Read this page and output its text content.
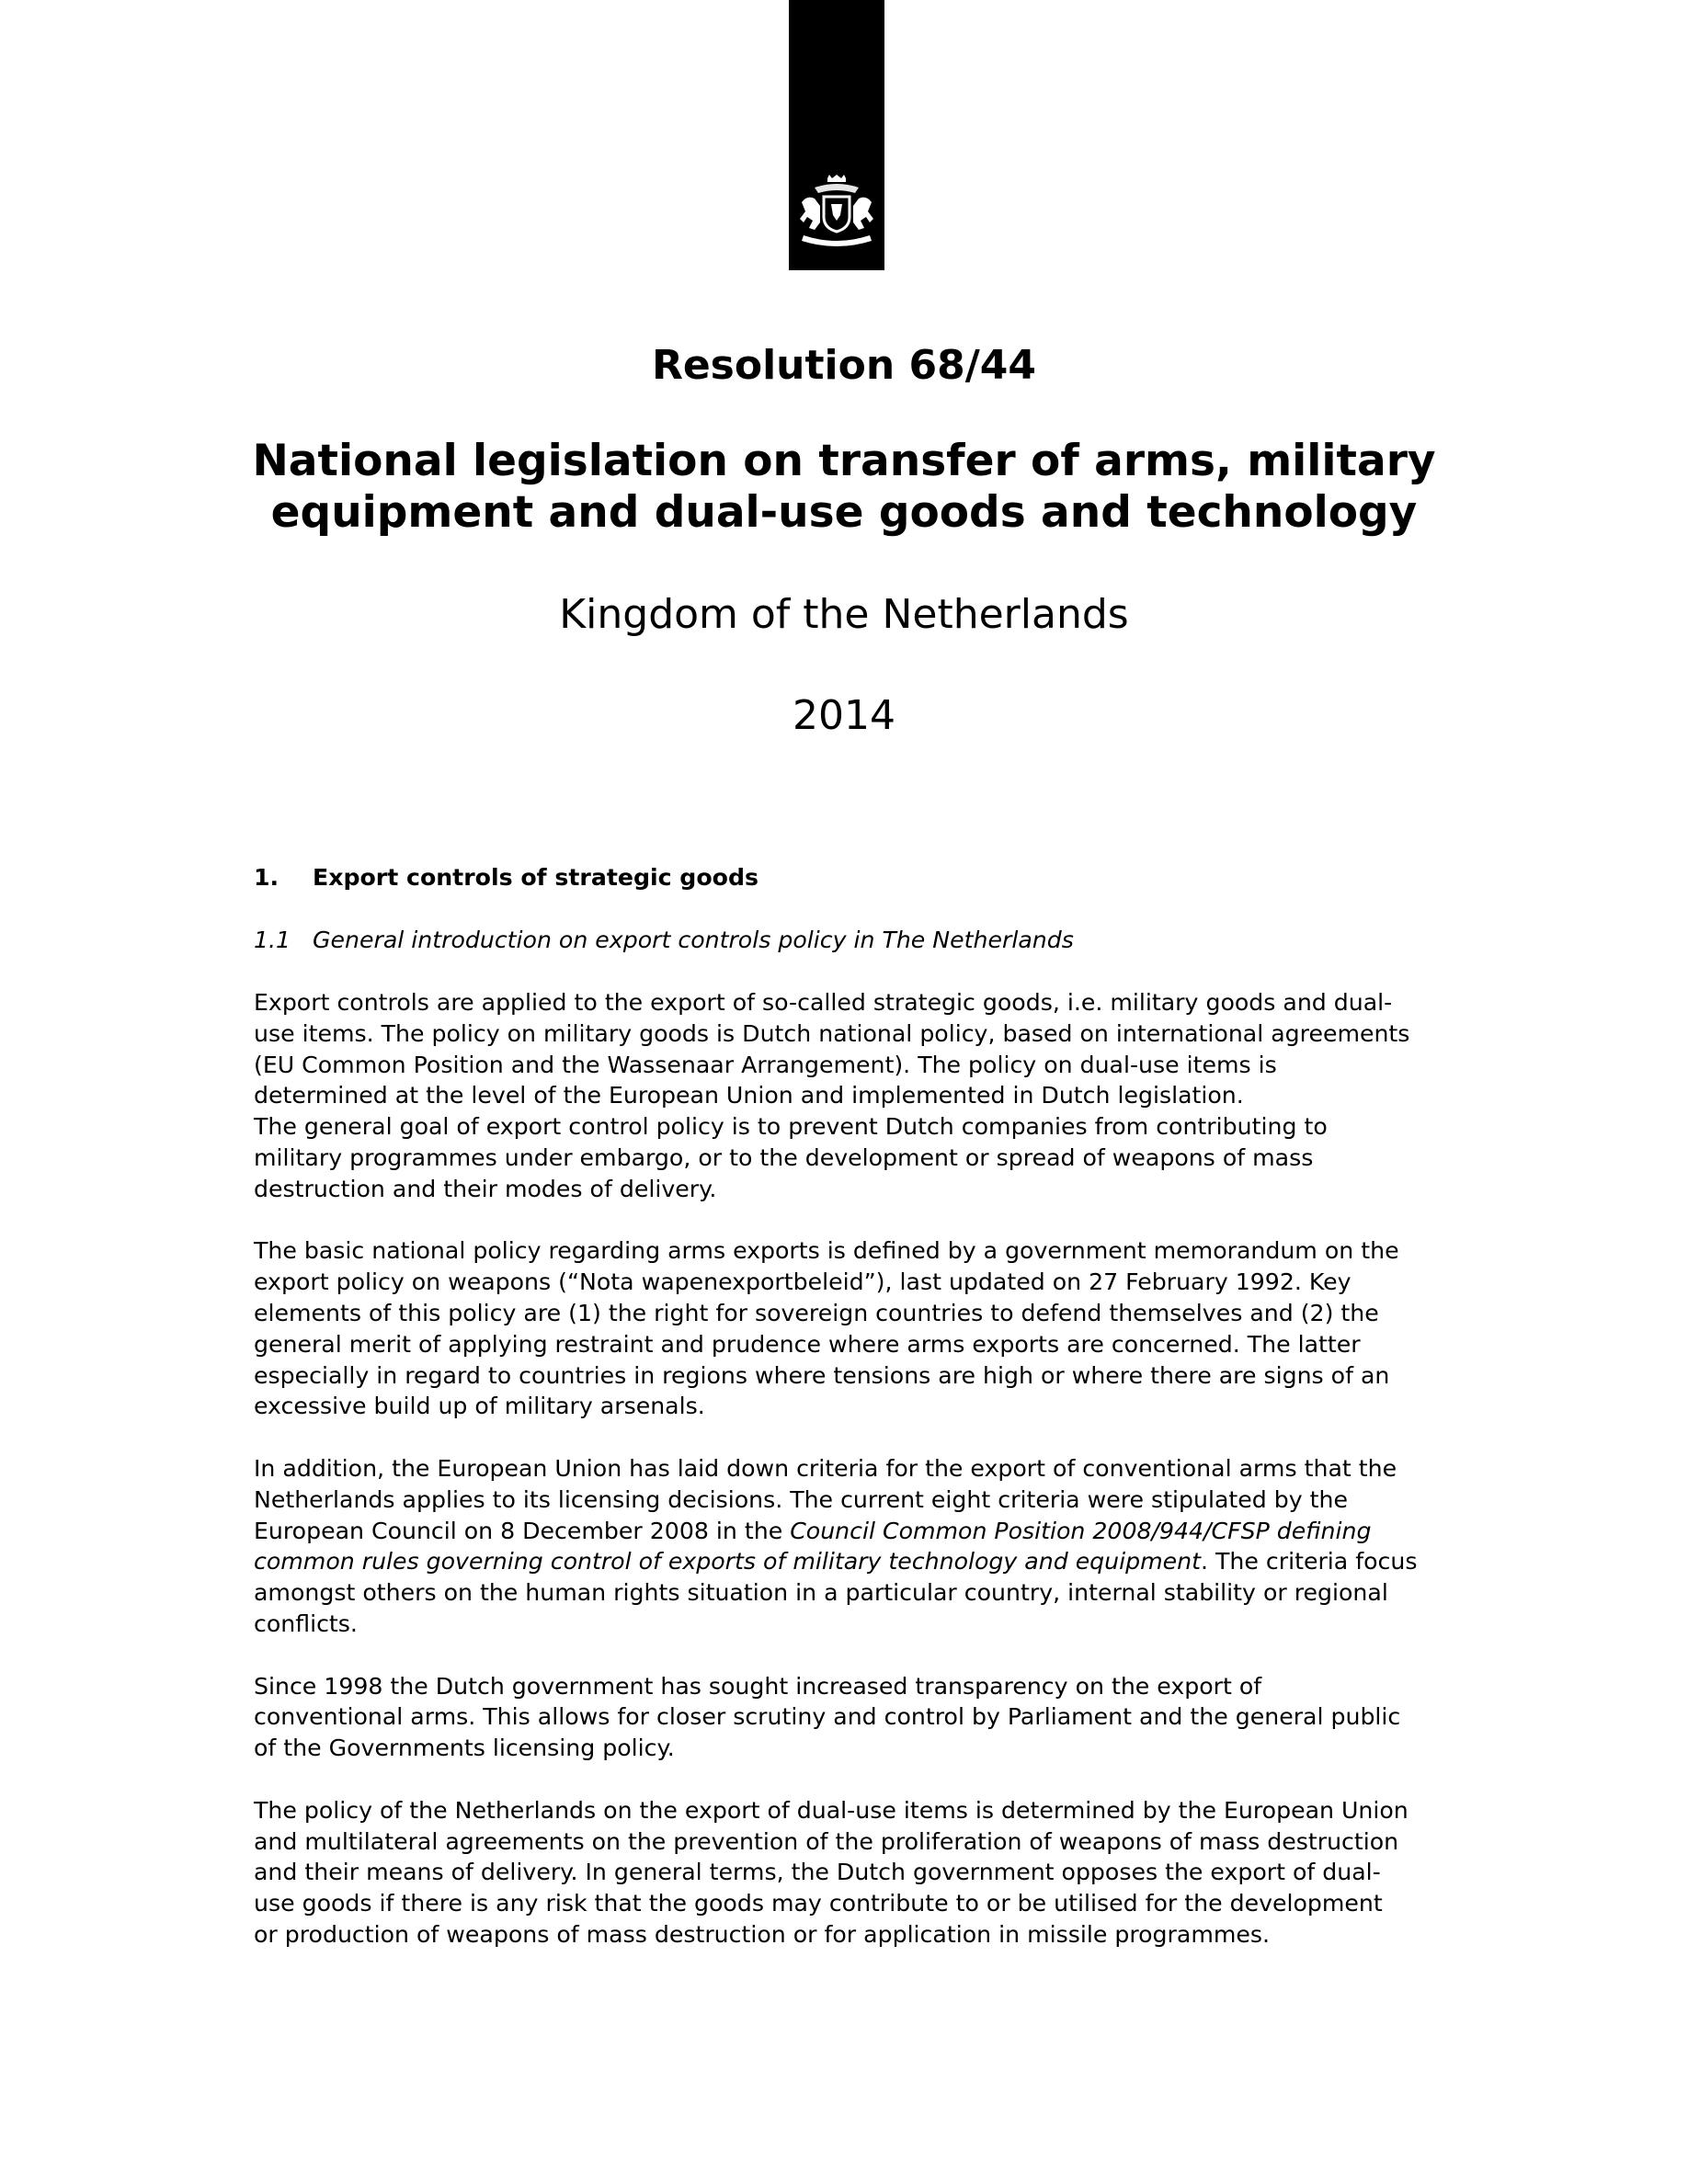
Resolution 68/44
National legislation on transfer of arms, military
equipment and dual-use goods and technology
Kingdom of the Netherlands
2014
1. Export controls of strategic goods
1.1 General introduction on export controls policy in The Netherlands
Export controls are applied to the export of so-called strategic goods, i.e. military goods and dual-
use items. The policy on military goods is Dutch national policy, based on international agreements
(EU Common Position and the Wassenaar Arrangement). The policy on dual-use items is
determined at the level of the European Union and implemented in Dutch legislation.
The general goal of export control policy is to prevent Dutch companies from contributing to
military programmes under embargo, or to the development or spread of weapons of mass
destruction and their modes of delivery.
The basic national policy regarding arms exports is defined by a government memorandum on the
export policy on weapons (“Nota wapenexportbeleid”), last updated on 27 February 1992. Key
elements of this policy are (1) the right for sovereign countries to defend themselves and (2) the
general merit of applying restraint and prudence where arms exports are concerned. The latter
especially in regard to countries in regions where tensions are high or where there are signs of an
excessive build up of military arsenals.
In addition, the European Union has laid down criteria for the export of conventional arms that the
Netherlands applies to its licensing decisions. The current eight criteria were stipulated by the
European Council on 8 December 2008 in the Council Common Position 2008/944/CFSP defining
common rules governing control of exports of military technology and equipment. The criteria focus
amongst others on the human rights situation in a particular country, internal stability or regional
conflicts.
Since 1998 the Dutch government has sought increased transparency on the export of
conventional arms. This allows for closer scrutiny and control by Parliament and the general public
of the Governments licensing policy.
The policy of the Netherlands on the export of dual-use items is determined by the European Union
and multilateral agreements on the prevention of the proliferation of weapons of mass destruction
and their means of delivery. In general terms, the Dutch government opposes the export of dual-
use goods if there is any risk that the goods may contribute to or be utilised for the development
or production of weapons of mass destruction or for application in missile programmes.
